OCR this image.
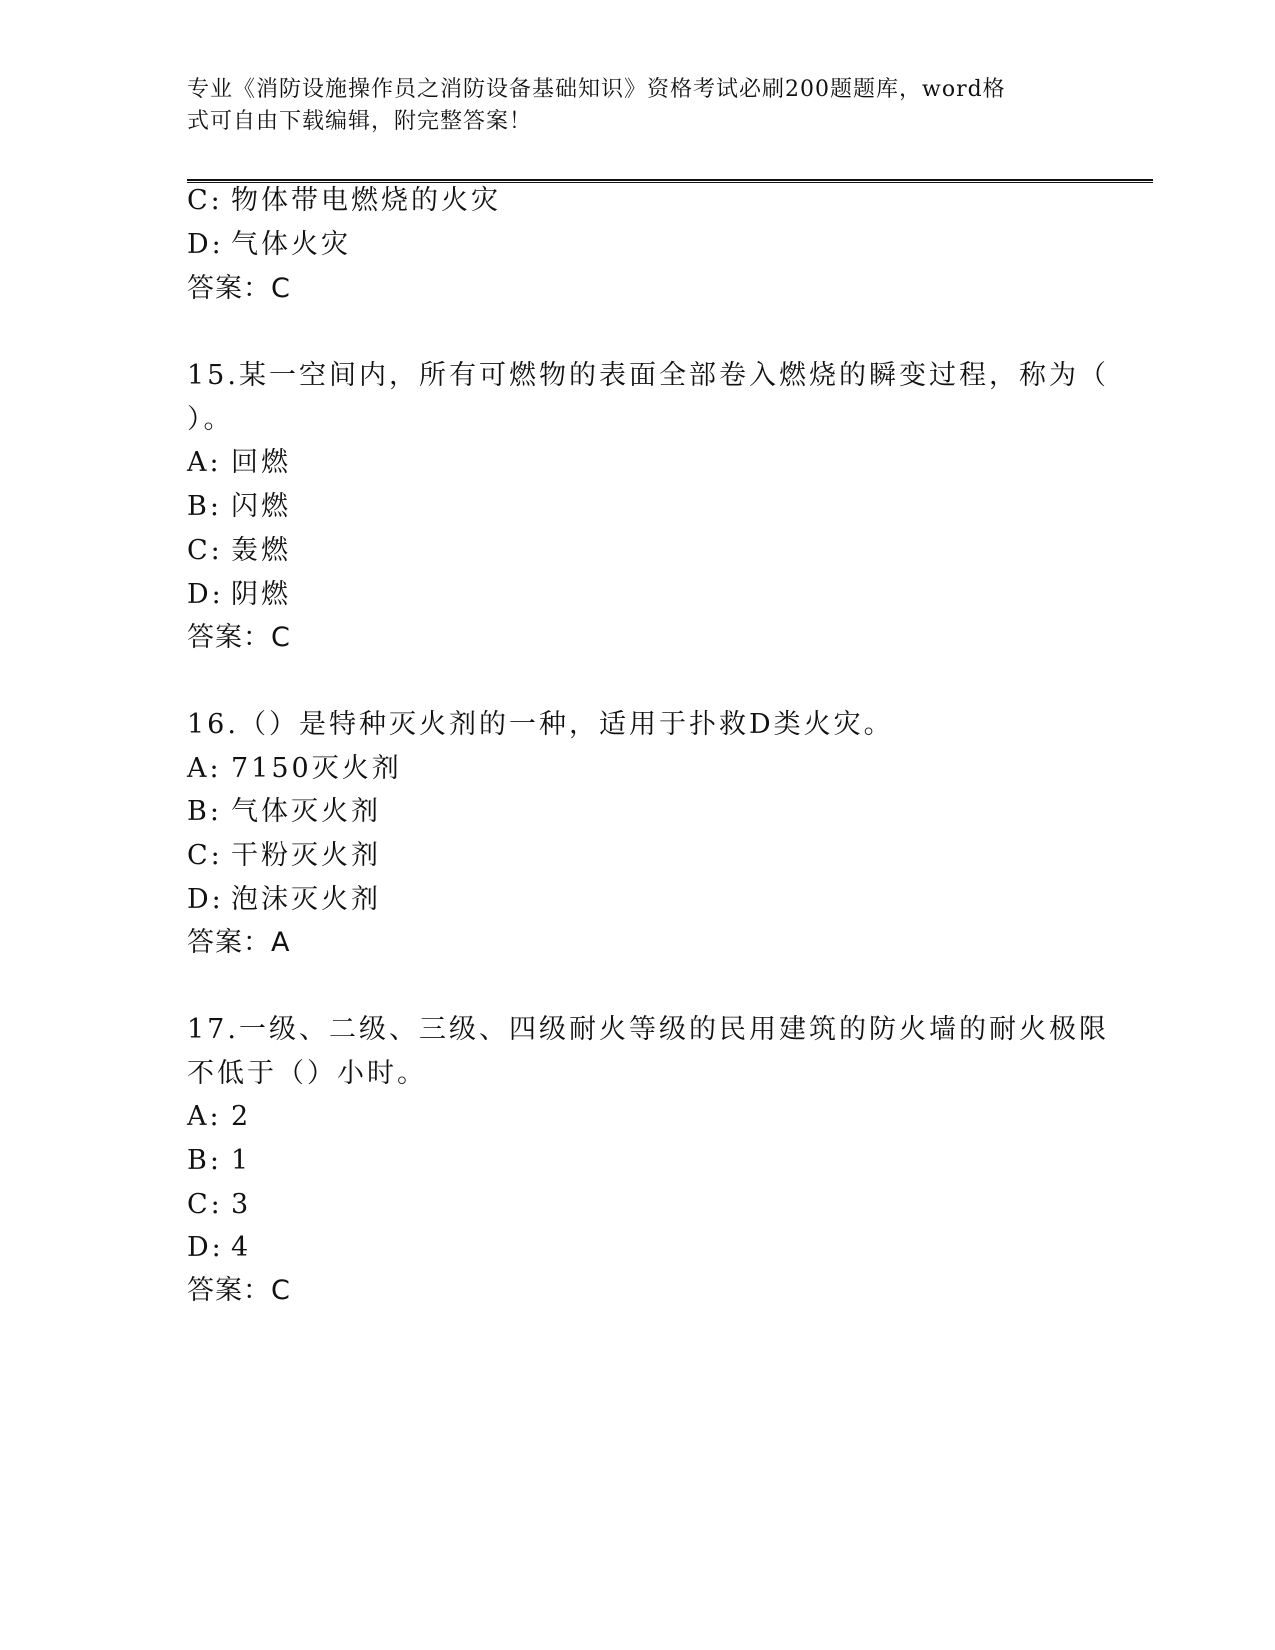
专业《消防设施操作员之消防设备基础知识》资格考试必刷200题题库，word格
式可自由下载编辑，附完整答案！
C: 物体带电燃烧的火灾
D: 气体火灾
答案：C
15.某一空间内，所有可燃物的表面全部卷入燃烧的瞬变过程，称为（
）。
A: 回燃
B: 闪燃
C: 轰燃
D: 阴燃
答案：C
16.（）是特种灭火剂的一种，适用于扑救D类火灾。
A: 7150灭火剂
B: 气体灭火剂
C: 干粉灭火剂
D: 泡沫灭火剂
答案：A
17.一级、二级、三级、四级耐火等级的民用建筑的防火墙的耐火极限
不低于（）小时。
A: 2
B: 1
C: 3
D: 4
答案：C
